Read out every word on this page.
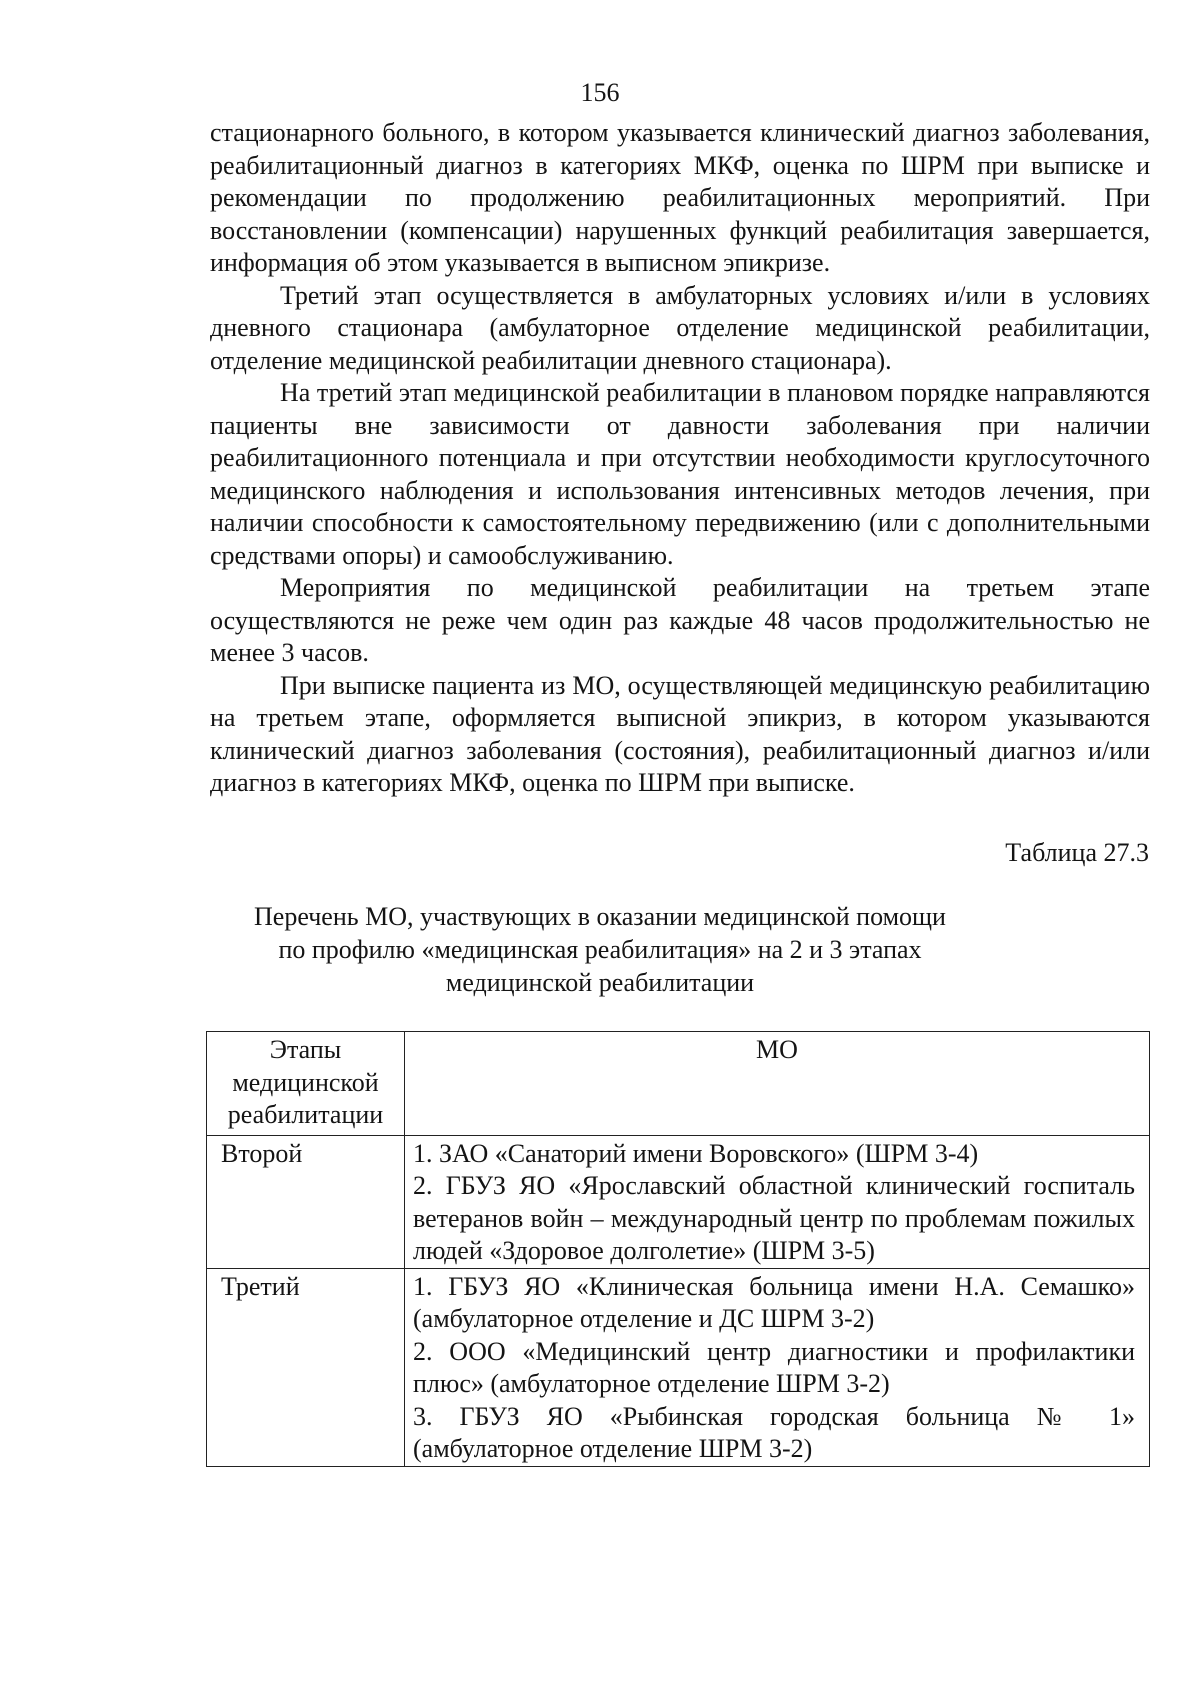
156

стационарного больного, в котором указывается клинический диагноз заболевания, реабилитационный диагноз в категориях МКФ, оценка по ШРМ при выписке и рекомендации по продолжению реабилитационных мероприятий. При восстановлении (компенсации) нарушенных функций реабилитация завершается, информация об этом указывается в выписном эпикризе.

Третий этап осуществляется в амбулаторных условиях и/или в условиях дневного стационара (амбулаторное отделение медицинской реабилитации, отделение медицинской реабилитации дневного стационара).

На третий этап медицинской реабилитации в плановом порядке направляются пациенты вне зависимости от давности заболевания при наличии реабилитационного потенциала и при отсутствии необходимости круглосуточного медицинского наблюдения и использования интенсивных методов лечения, при наличии способности к самостоятельному передвижению (или с дополнительными средствами опоры) и самообслуживанию.

Мероприятия по медицинской реабилитации на третьем этапе осуществляются не реже чем один раз каждые 48 часов продолжительностью не менее 3 часов.

При выписке пациента из МО, осуществляющей медицинскую реабилитацию на третьем этапе, оформляется выписной эпикриз, в котором указываются клинический диагноз заболевания (состояния), реабилитационный диагноз и/или диагноз в категориях МКФ, оценка по ШРМ при выписке.

Таблица 27.3
Перечень МО, участвующих в оказании медицинской помощи
по профилю «медицинская реабилитация» на 2 и 3 этапах
медицинской реабилитации
Этапы медицинской реабилитации	МО
Второй	1. ЗАО «Санаторий имени Воровского» (ШРМ 3-4)
2. ГБУЗ ЯО «Ярославский областной клинический госпиталь ветеранов войн – международный центр по проблемам пожилых людей «Здоровое долголетие» (ШРМ 3-5)

Третий	1. ГБУЗ ЯО «Клиническая больница имени Н.А. Семашко» (амбулаторное отделение и ДС ШРМ 3-2)
2. ООО «Медицинский центр диагностики и профилактики плюс» (амбулаторное отделение ШРМ 3-2)
3. ГБУЗ ЯО «Рыбинская городская больница № 1» (амбулаторное отделение ШРМ 3-2)
